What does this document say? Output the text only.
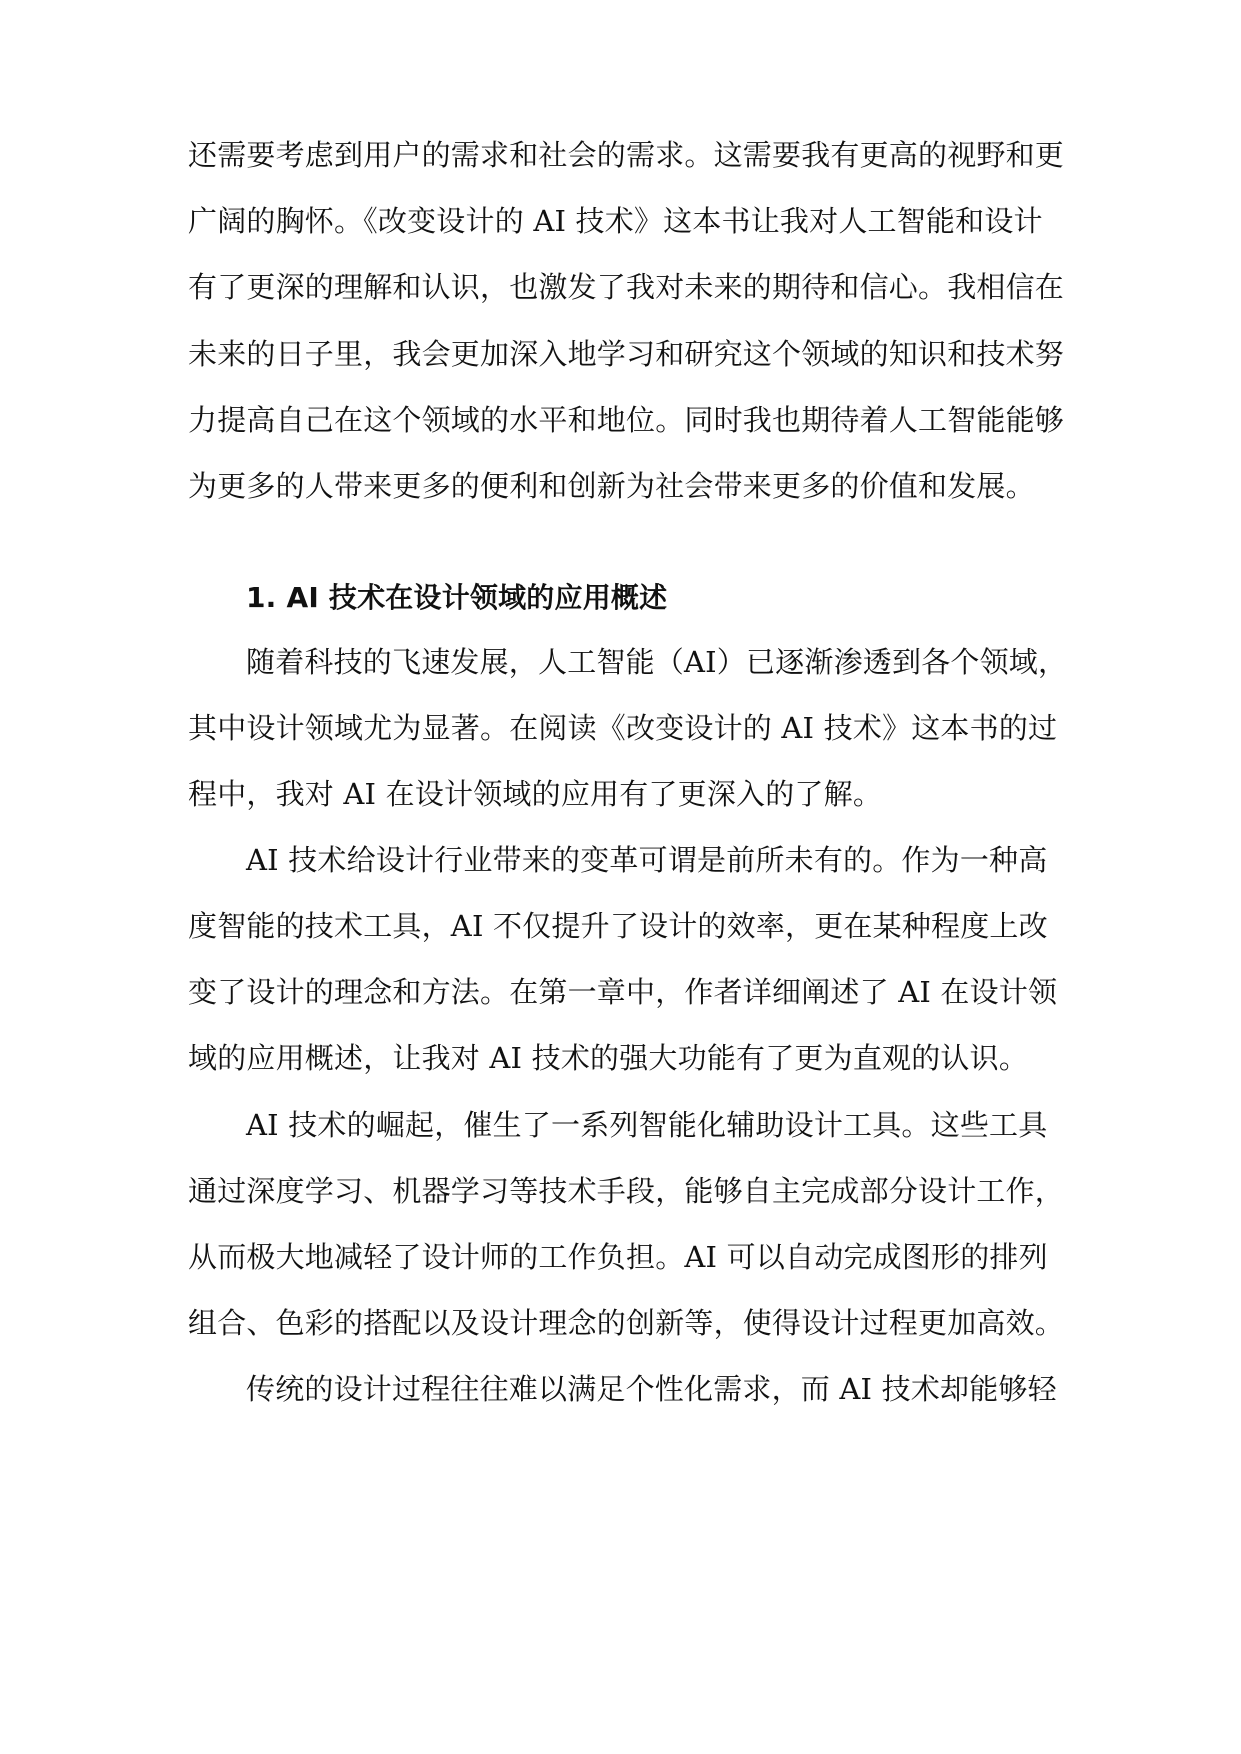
还需要考虑到用户的需求和社会的需求。这需要我有更高的视野和更
广阔的胸怀。《改变设计的 AI 技术》这本书让我对人工智能和设计
有了更深的理解和认识，也激发了我对未来的期待和信心。我相信在
未来的日子里，我会更加深入地学习和研究这个领域的知识和技术努
力提高自己在这个领域的水平和地位。同时我也期待着人工智能能够
为更多的人带来更多的便利和创新为社会带来更多的价值和发展。
1. AI 技术在设计领域的应用概述
随着科技的飞速发展，人工智能（AI）已逐渐渗透到各个领域，
其中设计领域尤为显著。在阅读《改变设计的 AI 技术》这本书的过
程中，我对 AI 在设计领域的应用有了更深入的了解。
AI 技术给设计行业带来的变革可谓是前所未有的。作为一种高
度智能的技术工具，AI 不仅提升了设计的效率，更在某种程度上改
变了设计的理念和方法。在第一章中，作者详细阐述了 AI 在设计领
域的应用概述，让我对 AI 技术的强大功能有了更为直观的认识。
AI 技术的崛起，催生了一系列智能化辅助设计工具。这些工具
通过深度学习、机器学习等技术手段，能够自主完成部分设计工作，
从而极大地减轻了设计师的工作负担。AI 可以自动完成图形的排列
组合、色彩的搭配以及设计理念的创新等，使得设计过程更加高效。
传统的设计过程往往难以满足个性化需求，而 AI 技术却能够轻
